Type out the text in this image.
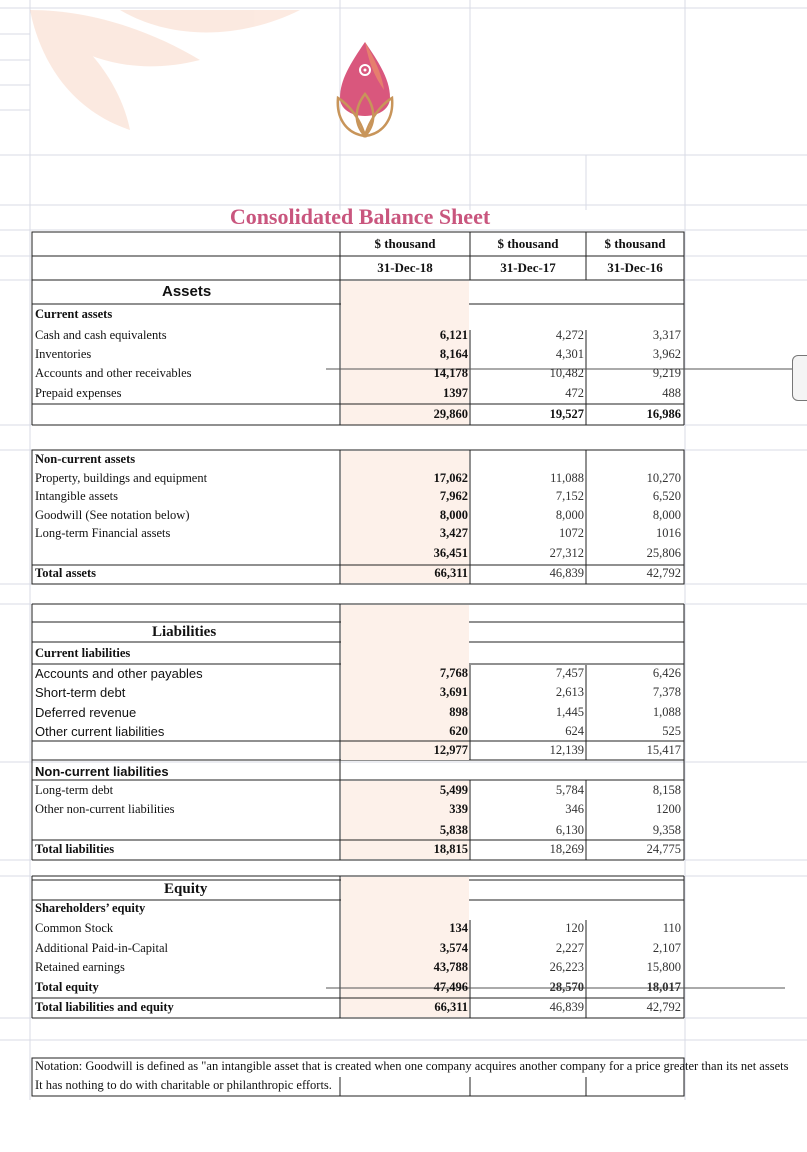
Consolidated Balance Sheet
$ thousand	$ thousand	$ thousand
31-Dec-18	31-Dec-17	31-Dec-16
Assets
Current assets
Cash and cash equivalents	6,121	4,272	3,317
Inventories	8,164	4,301	3,962
Accounts and other receivables	14,178	10,482	9,219
Prepaid expenses	1397	472	488
29,860	19,527	16,986
Non-current assets
Property, buildings and equipment	17,062	11,088	10,270
Intangible assets	7,962	7,152	6,520
Goodwill (See notation below)	8,000	8,000	8,000
Long-term Financial assets	3,427	1072	1016
36,451	27,312	25,806
Total assets	66,311	46,839	42,792
Liabilities
Current liabilities
Accounts and other payables	7,768	7,457	6,426
Short-term debt	3,691	2,613	7,378
Deferred revenue	898	1,445	1,088
Other current liabilities	620	624	525
12,977	12,139	15,417
Non-current liabilities
Long-term debt	5,499	5,784	8,158
Other non-current liabilities	339	346	1200
5,838	6,130	9,358
Total liabilities	18,815	18,269	24,775
Equity
Shareholders’ equity
Common Stock	134	120	110
Additional Paid-in-Capital	3,574	2,227	2,107
Retained earnings	43,788	26,223	15,800
Total equity	47,496	28,570	18,017
Total liabilities and equity	66,311	46,839	42,792
Notation: Goodwill is defined as "an intangible asset that is created when one company acquires another company for a price greater than its net assets
It has nothing to do with charitable or philanthropic efforts.
